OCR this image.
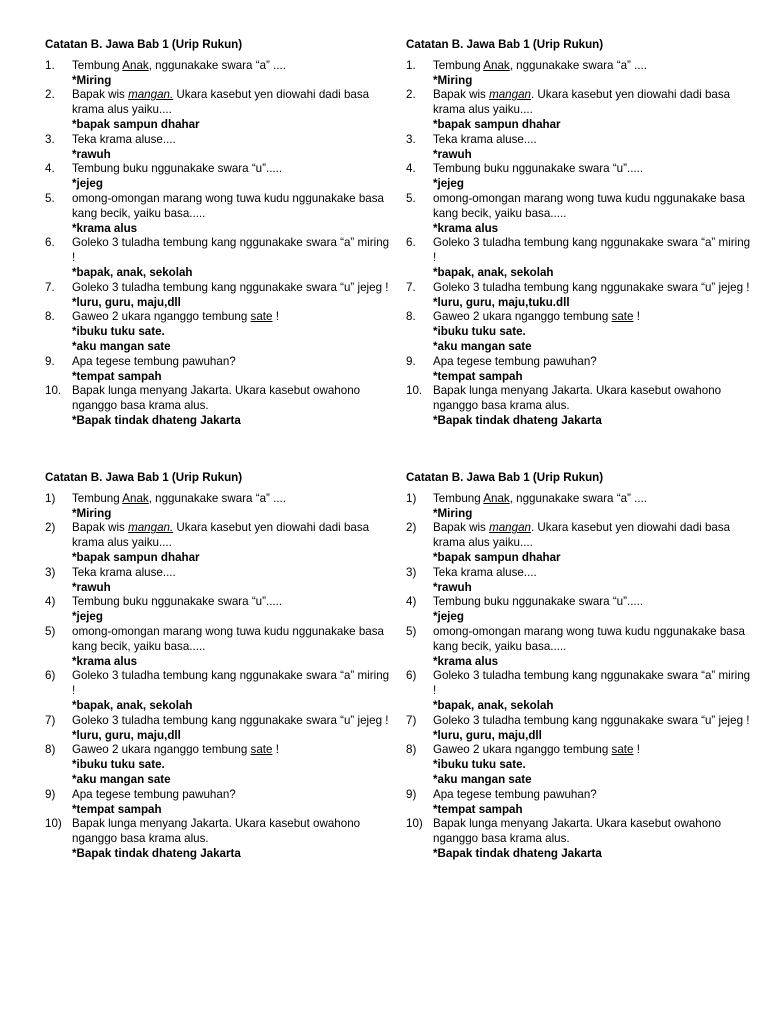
Catatan B. Jawa Bab 1 (Urip Rukun)
1.	Tembung Anak, nggunakake swara “a” ....
*Miring
2.	Bapak wis mangan. Ukara kasebut yen diowahi dadi basa krama alus yaiku....
*bapak sampun dhahar
3.	Teka krama aluse....
*rawuh
4.	Tembung buku nggunakake swara “u”.....
*jejeg
5.	omong-omongan marang wong tuwa kudu nggunakake basa kang becik, yaiku basa.....
*krama alus
6.	Goleko 3 tuladha tembung kang nggunakake swara “a” miring !
*bapak, anak, sekolah
7.	Goleko 3 tuladha tembung kang nggunakake swara “u” jejeg !
*luru, guru, maju,dll
8.	Gaweo 2 ukara nganggo tembung sate !
*ibuku tuku sate.
*aku mangan sate
9.	Apa tegese tembung pawuhan?
*tempat sampah
10. Bapak lunga menyang Jakarta. Ukara kasebut owahono nganggo basa krama alus.
*Bapak tindak dhateng Jakarta
Catatan B. Jawa Bab 1 (Urip Rukun)
1.	Tembung Anak, nggunakake swara “a” ....
*Miring
2.	Bapak wis mangan. Ukara kasebut yen diowahi dadi basa krama alus yaiku....
*bapak sampun dhahar
3.	Teka krama aluse....
*rawuh
4.	Tembung buku nggunakake swara “u”.....
*jejeg
5.	omong-omongan marang wong tuwa kudu nggunakake basa kang becik, yaiku basa.....
*krama alus
6.	Goleko 3 tuladha tembung kang nggunakake swara “a” miring !
*bapak, anak, sekolah
7.	Goleko 3 tuladha tembung kang nggunakake swara “u” jejeg !
*luru, guru, maju,tuku.dll
8.	Gaweo 2 ukara nganggo tembung sate !
*ibuku tuku sate.
*aku mangan sate
9.	Apa tegese tembung pawuhan?
*tempat sampah
10. Bapak lunga menyang Jakarta. Ukara kasebut owahono nganggo basa krama alus.
*Bapak tindak dhateng Jakarta
Catatan B. Jawa Bab 1 (Urip Rukun)
1)	Tembung Anak, nggunakake swara “a” ....
*Miring
2)	Bapak wis mangan. Ukara kasebut yen diowahi dadi basa krama alus yaiku....
*bapak sampun dhahar
3)	Teka krama aluse....
*rawuh
4)	Tembung buku nggunakake swara “u”.....
*jejeg
5)	omong-omongan marang wong tuwa kudu nggunakake basa kang becik, yaiku basa.....
*krama alus
6)	Goleko 3 tuladha tembung kang nggunakake swara “a” miring !
*bapak, anak, sekolah
7)	Goleko 3 tuladha tembung kang nggunakake swara “u” jejeg !
*luru, guru, maju,dll
8)	Gaweo 2 ukara nganggo tembung sate !
*ibuku tuku sate.
*aku mangan sate
9)	Apa tegese tembung pawuhan?
*tempat sampah
10) Bapak lunga menyang Jakarta. Ukara kasebut owahono nganggo basa krama alus.
*Bapak tindak dhateng Jakarta
Catatan B. Jawa Bab 1 (Urip Rukun)
1)	Tembung Anak, nggunakake swara “a” ....
*Miring
2)	Bapak wis mangan. Ukara kasebut yen diowahi dadi basa krama alus yaiku....
*bapak sampun dhahar
3)	Teka krama aluse....
*rawuh
4)	Tembung buku nggunakake swara “u”.....
*jejeg
5)	omong-omongan marang wong tuwa kudu nggunakake basa kang becik, yaiku basa.....
*krama alus
6)	Goleko 3 tuladha tembung kang nggunakake swara “a” miring !
*bapak, anak, sekolah
7)	Goleko 3 tuladha tembung kang nggunakake swara “u” jejeg !
*luru, guru, maju,dll
8)	Gaweo 2 ukara nganggo tembung sate !
*ibuku tuku sate.
*aku mangan sate
9)	Apa tegese tembung pawuhan?
*tempat sampah
10) Bapak lunga menyang Jakarta. Ukara kasebut owahono nganggo basa krama alus.
*Bapak tindak dhateng Jakarta
